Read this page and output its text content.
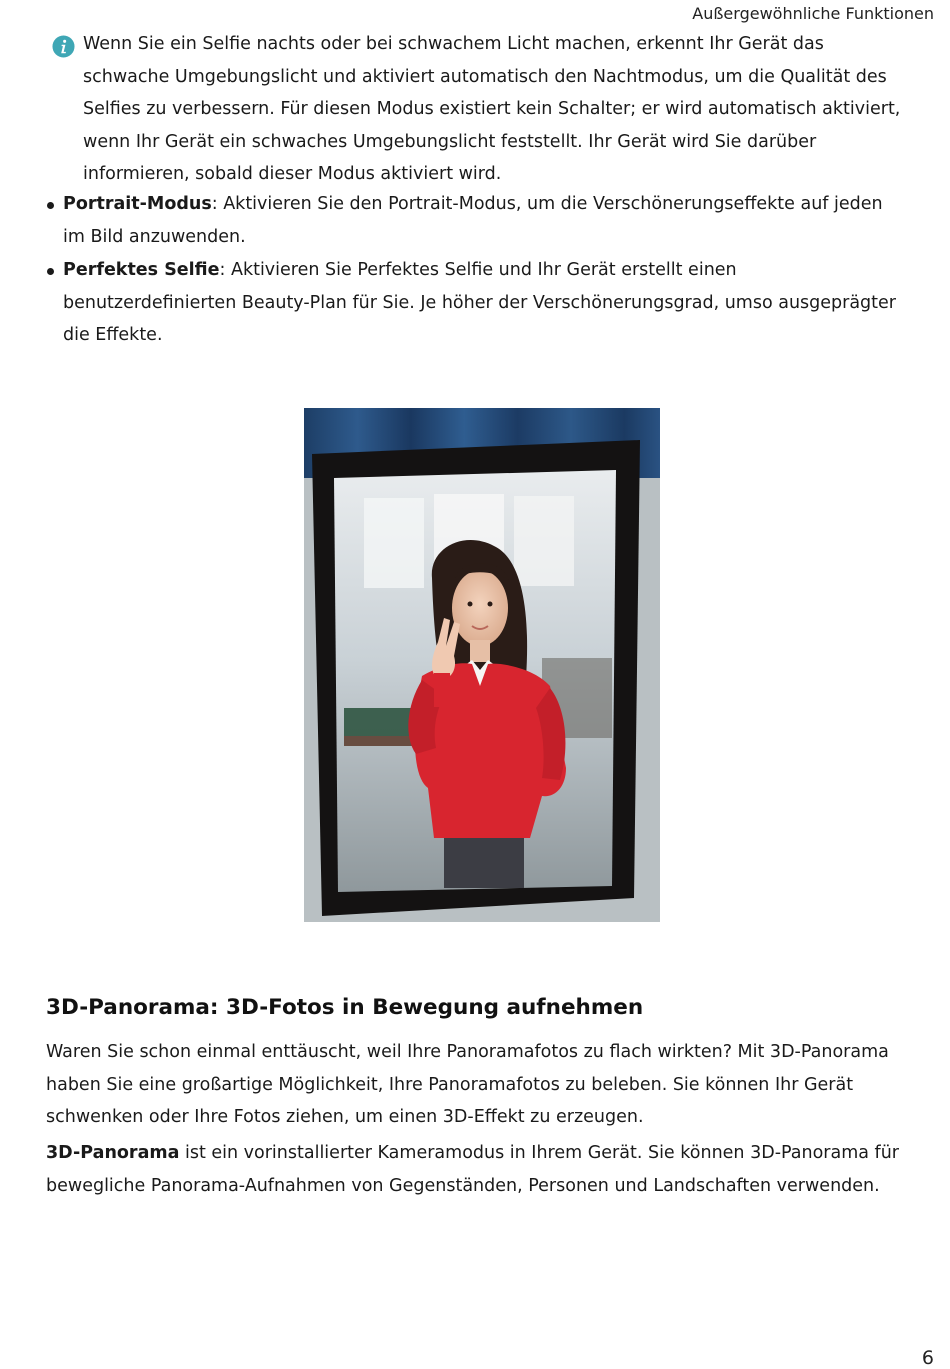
Außergewöhnliche Funktionen

Wenn Sie ein Selfie nachts oder bei schwachem Licht machen, erkennt Ihr Gerät das schwache Umgebungslicht und aktiviert automatisch den Nachtmodus, um die Qualität des Selfies zu verbessern. Für diesen Modus existiert kein Schalter; er wird automatisch aktiviert, wenn Ihr Gerät ein schwaches Umgebungslicht feststellt. Ihr Gerät wird Sie darüber informieren, sobald dieser Modus aktiviert wird.

Portrait-Modus: Aktivieren Sie den Portrait-Modus, um die Verschönerungseffekte auf jeden im Bild anzuwenden.
Perfektes Selfie: Aktivieren Sie Perfektes Selfie und Ihr Gerät erstellt einen benutzerdefinierten Beauty-Plan für Sie. Je höher der Verschönerungsgrad, umso ausgeprägter die Effekte.
3D-Panorama: 3D-Fotos in Bewegung aufnehmen

Waren Sie schon einmal enttäuscht, weil Ihre Panoramafotos zu flach wirkten? Mit 3D-Panorama haben Sie eine großartige Möglichkeit, Ihre Panoramafotos zu beleben. Sie können Ihr Gerät schwenken oder Ihre Fotos ziehen, um einen 3D-Effekt zu erzeugen.

3D-Panorama ist ein vorinstallierter Kameramodus in Ihrem Gerät. Sie können 3D-Panorama für bewegliche Panorama-Aufnahmen von Gegenständen, Personen und Landschaften verwenden.

6
